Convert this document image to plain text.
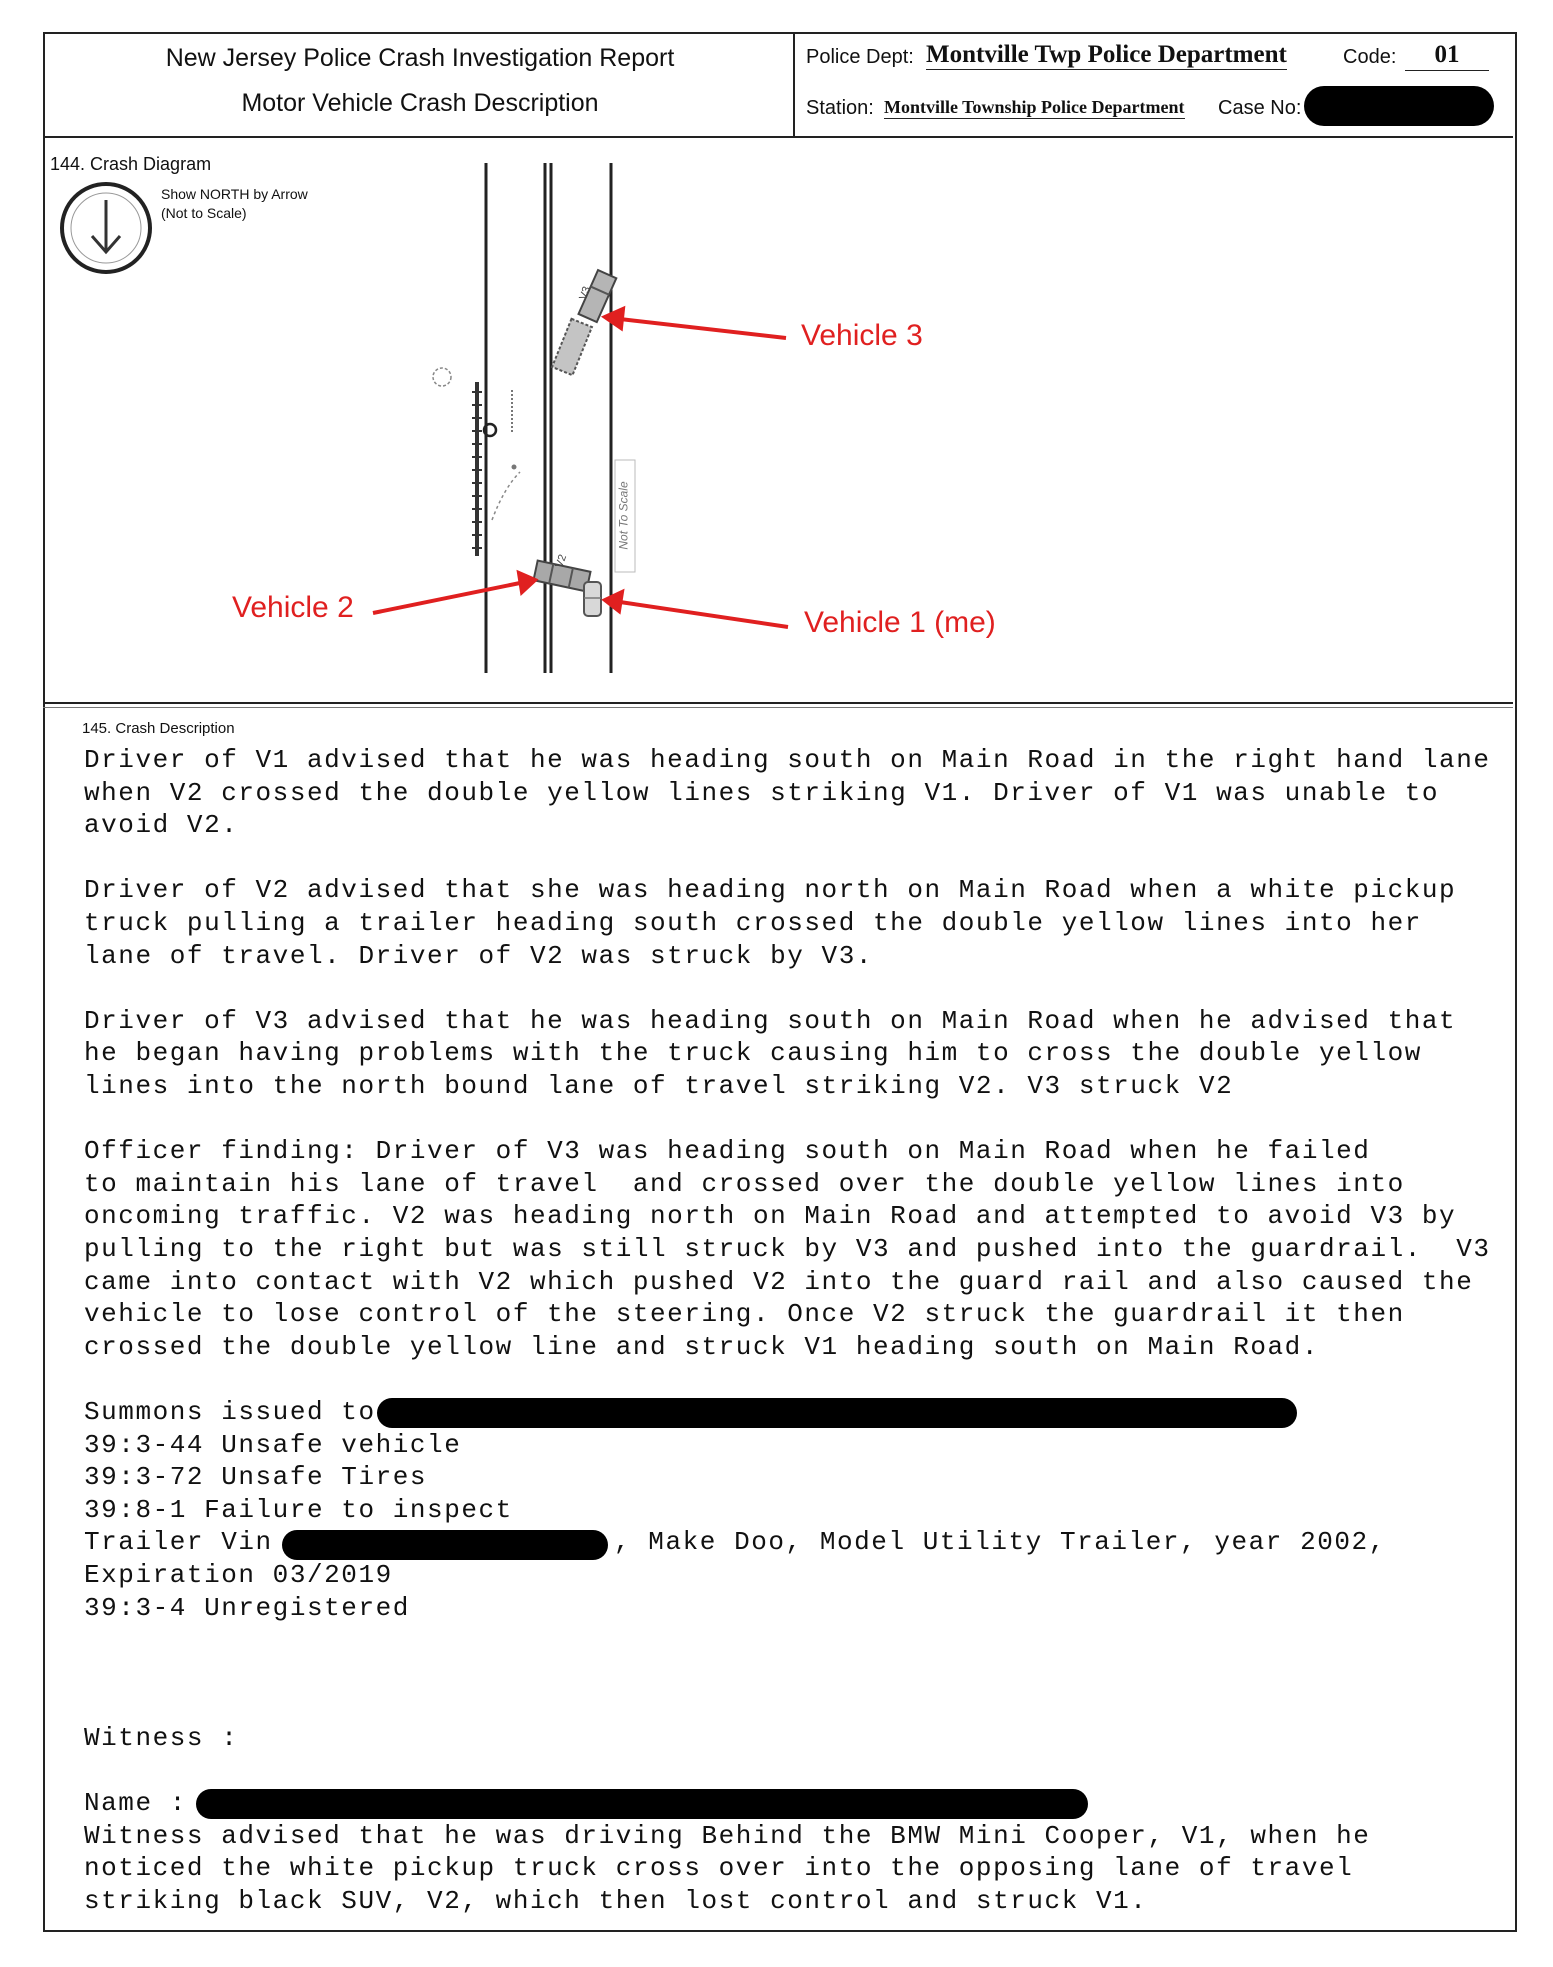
New Jersey Police Crash Investigation Report
Motor Vehicle Crash Description
Police Dept: Montville Twp Police Department	Code:	01
Station: Montville Township Police Department Case No:
144. Crash Diagram
Show NORTH by Arrow
(Not to Scale)
V3
V2
Not To Scale
Vehicle 3
Vehicle 2	Vehicle 1 (me)
145. Crash Description
Driver of V1 advised that he was heading south on Main Road in the right hand lane
when V2 crossed the double yellow lines striking V1. Driver of V1 was unable to
avoid V2.
Driver of V2 advised that she was heading north on Main Road when a white pickup
truck pulling a trailer heading south crossed the double yellow lines into her
lane of travel. Driver of V2 was struck by V3.
Driver of V3 advised that he was heading south on Main Road when he advised that
he began having problems with the truck causing him to cross the double yellow
lines into the north bound lane of travel striking V2. V3 struck V2
Officer finding: Driver of V3 was heading south on Main Road when he failed
to maintain his lane of travel  and crossed over the double yellow lines into
oncoming traffic. V2 was heading north on Main Road and attempted to avoid V3 by
pulling to the right but was still struck by V3 and pushed into the guardrail.  V3
came into contact with V2 which pushed V2 into the guard rail and also caused the
vehicle to lose control of the steering. Once V2 struck the guardrail it then
crossed the double yellow line and struck V1 heading south on Main Road.
Summons issued to
39:3-44 Unsafe vehicle
39:3-72 Unsafe Tires
39:8-1 Failure to inspect
Trailer Vin	, Make Doo, Model Utility Trailer, year 2002,
Expiration 03/2019
39:3-4 Unregistered
Witness :
Name :
Witness advised that he was driving Behind the BMW Mini Cooper, V1, when he
noticed the white pickup truck cross over into the opposing lane of travel
striking black SUV, V2, which then lost control and struck V1.
